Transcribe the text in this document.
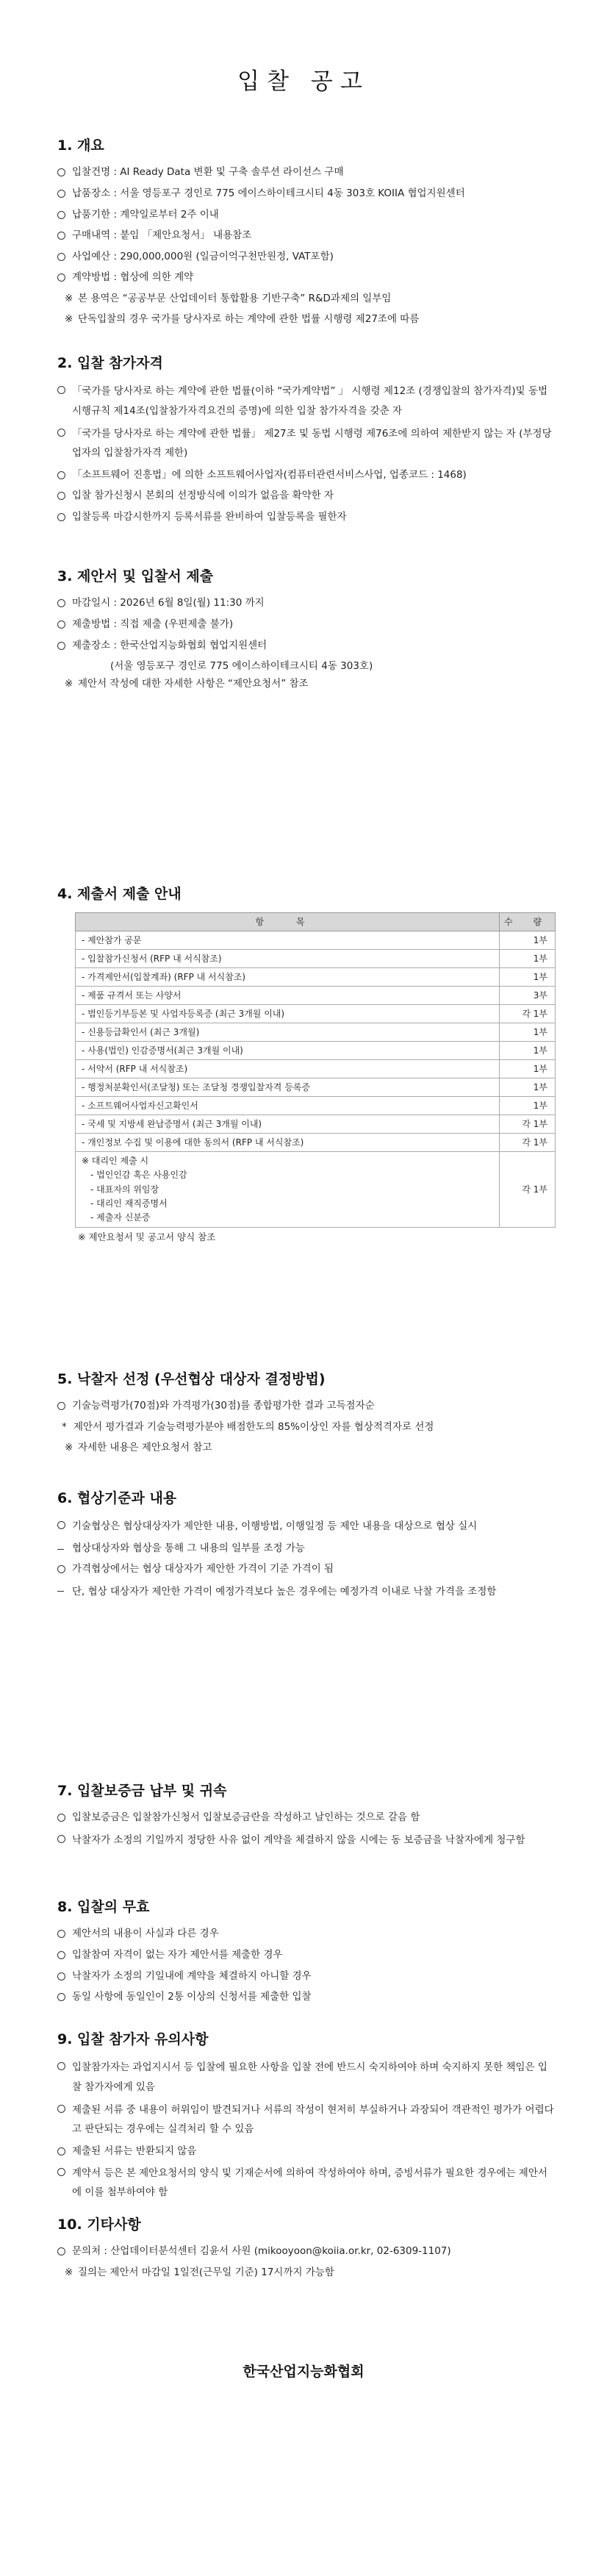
입찰 공고
1. 개요
입찰건명 : AI Ready Data 변환 및 구축 솔루션 라이선스 구매
납품장소 : 서울 영등포구 경인로 775 에이스하이테크시티 4동 303호 KOIIA 협업지원센터
납품기한 : 계약일로부터 2주 이내
구매내역 : 붙임 「제안요청서」 내용참조
사업예산 : 290,000,000원 (일금이억구천만원정, VAT포함)
계약방법 : 협상에 의한 계약
※ 본 용역은 “공공부문 산업데이터 통합활용 기반구축” R&D과제의 일부임
※ 단독입찰의 경우 국가를 당사자로 하는 계약에 관한 법률 시행령 제27조에 따름
2. 입찰 참가자격
「국가를 당사자로 하는 계약에 관한 법률(이하 “국가계약법” 」 시행령 제12조 (경쟁입찰의 참가자격)및 동법 시행규칙 제14조(입찰참가자격요건의 증명)에 의한 입찰 참가자격을 갖춘 자
「국가를 당사자로 하는 계약에 관한 법률」 제27조 및 동법 시행령 제76조에 의하여 제한받지 않는 자 (부정당업자의 입찰참가자격 제한)
「소프트웨어 진흥법」에 의한 소프트웨어사업자(컴퓨터관련서비스사업, 업종코드 : 1468)
입찰 참가신청시 본회의 선정방식에 이의가 없음을 확약한 자
입찰등록 마감시한까지 등록서류를 완비하여 입찰등록을 필한자
3. 제안서 및 입찰서 제출
마감일시 : 2026년 6월 8일(월) 11:30 까지
제출방법 : 직접 제출 (우편제출 불가)
제출장소 : 한국산업지능화협회 협업지원센터
(서울 영등포구 경인로 775 에이스하이테크시티 4동 303호)
※ 제안서 작성에 대한 자세한 사항은 “제안요청서” 참조
4. 제출서 제출 안내
항 목	수 량
- 제안참가 공문	1부
- 입찰참가신청서 (RFP 내 서식참조)	1부
- 가격제안서(입찰계좌) (RFP 내 서식참조)	1부
- 제품 규격서 또는 사양서	3부
- 법인등기부등본 및 사업자등록증 (최근 3개월 이내)	각 1부
- 신용등급확인서 (최근 3개월)	1부
- 사용(법인) 인감증명서(최근 3개월 이내)	1부
- 서약서 (RFP 내 서식참조)	1부
- 행정처분확인서(조달청) 또는 조달청 경쟁입찰자격 등록증	1부
- 소프트웨어사업자신고확인서	1부
- 국세 및 지방세 완납증명서 (최근 3개월 이내)	각 1부
- 개인정보 수집 및 이용에 대한 동의서 (RFP 내 서식참조)	각 1부

※ 대리인 제출 시
- 법인인감 혹은 사용인감
- 대표자의 위임장
- 대리인 재직증명서
- 제출자 신분증	각 1부
※ 제안요청서 및 공고서 양식 참조
5. 낙찰자 선정 (우선협상 대상자 결정방법)
기술능력평가(70점)와 가격평가(30점)를 종합평가한 결과 고득점자순
* 제안서 평가결과 기술능력평가분야 배점한도의 85%이상인 자를 협상적격자로 선정
※ 자세한 내용은 제안요청서 참고
6. 협상기준과 내용
기술협상은 협상대상자가 제안한 내용, 이행방법, 이행일정 등 제안 내용을 대상으로 협상 실시
협상대상자와 협상을 통해 그 내용의 일부를 조정 가능
가격협상에서는 협상 대상자가 제안한 가격이 기준 가격이 됨
단, 협상 대상자가 제안한 가격이 예정가격보다 높은 경우에는 예정가격 이내로 낙찰 가격을 조정함
7. 입찰보증금 납부 및 귀속
입찰보증금은 입찰참가신청서 입찰보증금란을 작성하고 날인하는 것으로 갈음 함
낙찰자가 소정의 기일까지 정당한 사유 없이 계약을 체결하지 않을 시에는 동 보증금을 낙찰자에게 청구함
8. 입찰의 무효
제안서의 내용이 사실과 다른 경우
입찰참여 자격이 없는 자가 제안서를 제출한 경우
낙찰자가 소정의 기일내에 계약을 체결하지 아니할 경우
동일 사항에 동일인이 2통 이상의 신청서를 제출한 입찰
9. 입찰 참가자 유의사항
입찰참가자는 과업지시서 등 입찰에 필요한 사항을 입찰 전에 반드시 숙지하여야 하며 숙지하지 못한 책임은 입찰 참가자에게 있음
제출된 서류 중 내용이 허위임이 발견되거나 서류의 작성이 현저히 부실하거나 과장되어 객관적인 평가가 어렵다고 판단되는 경우에는 실격처리 할 수 있음
제출된 서류는 반환되지 않음
계약서 등은 본 제안요청서의 양식 및 기재순서에 의하여 작성하여야 하며, 증빙서류가 필요한 경우에는 제안서에 이를 첨부하여야 함
10. 기타사항
문의처 : 산업데이터분석센터 김윤서 사원 (mikooyoon@koiia.or.kr, 02-6309-1107)
※ 질의는 제안서 마감일 1일전(근무일 기준) 17시까지 가능함
한국산업지능화협회
